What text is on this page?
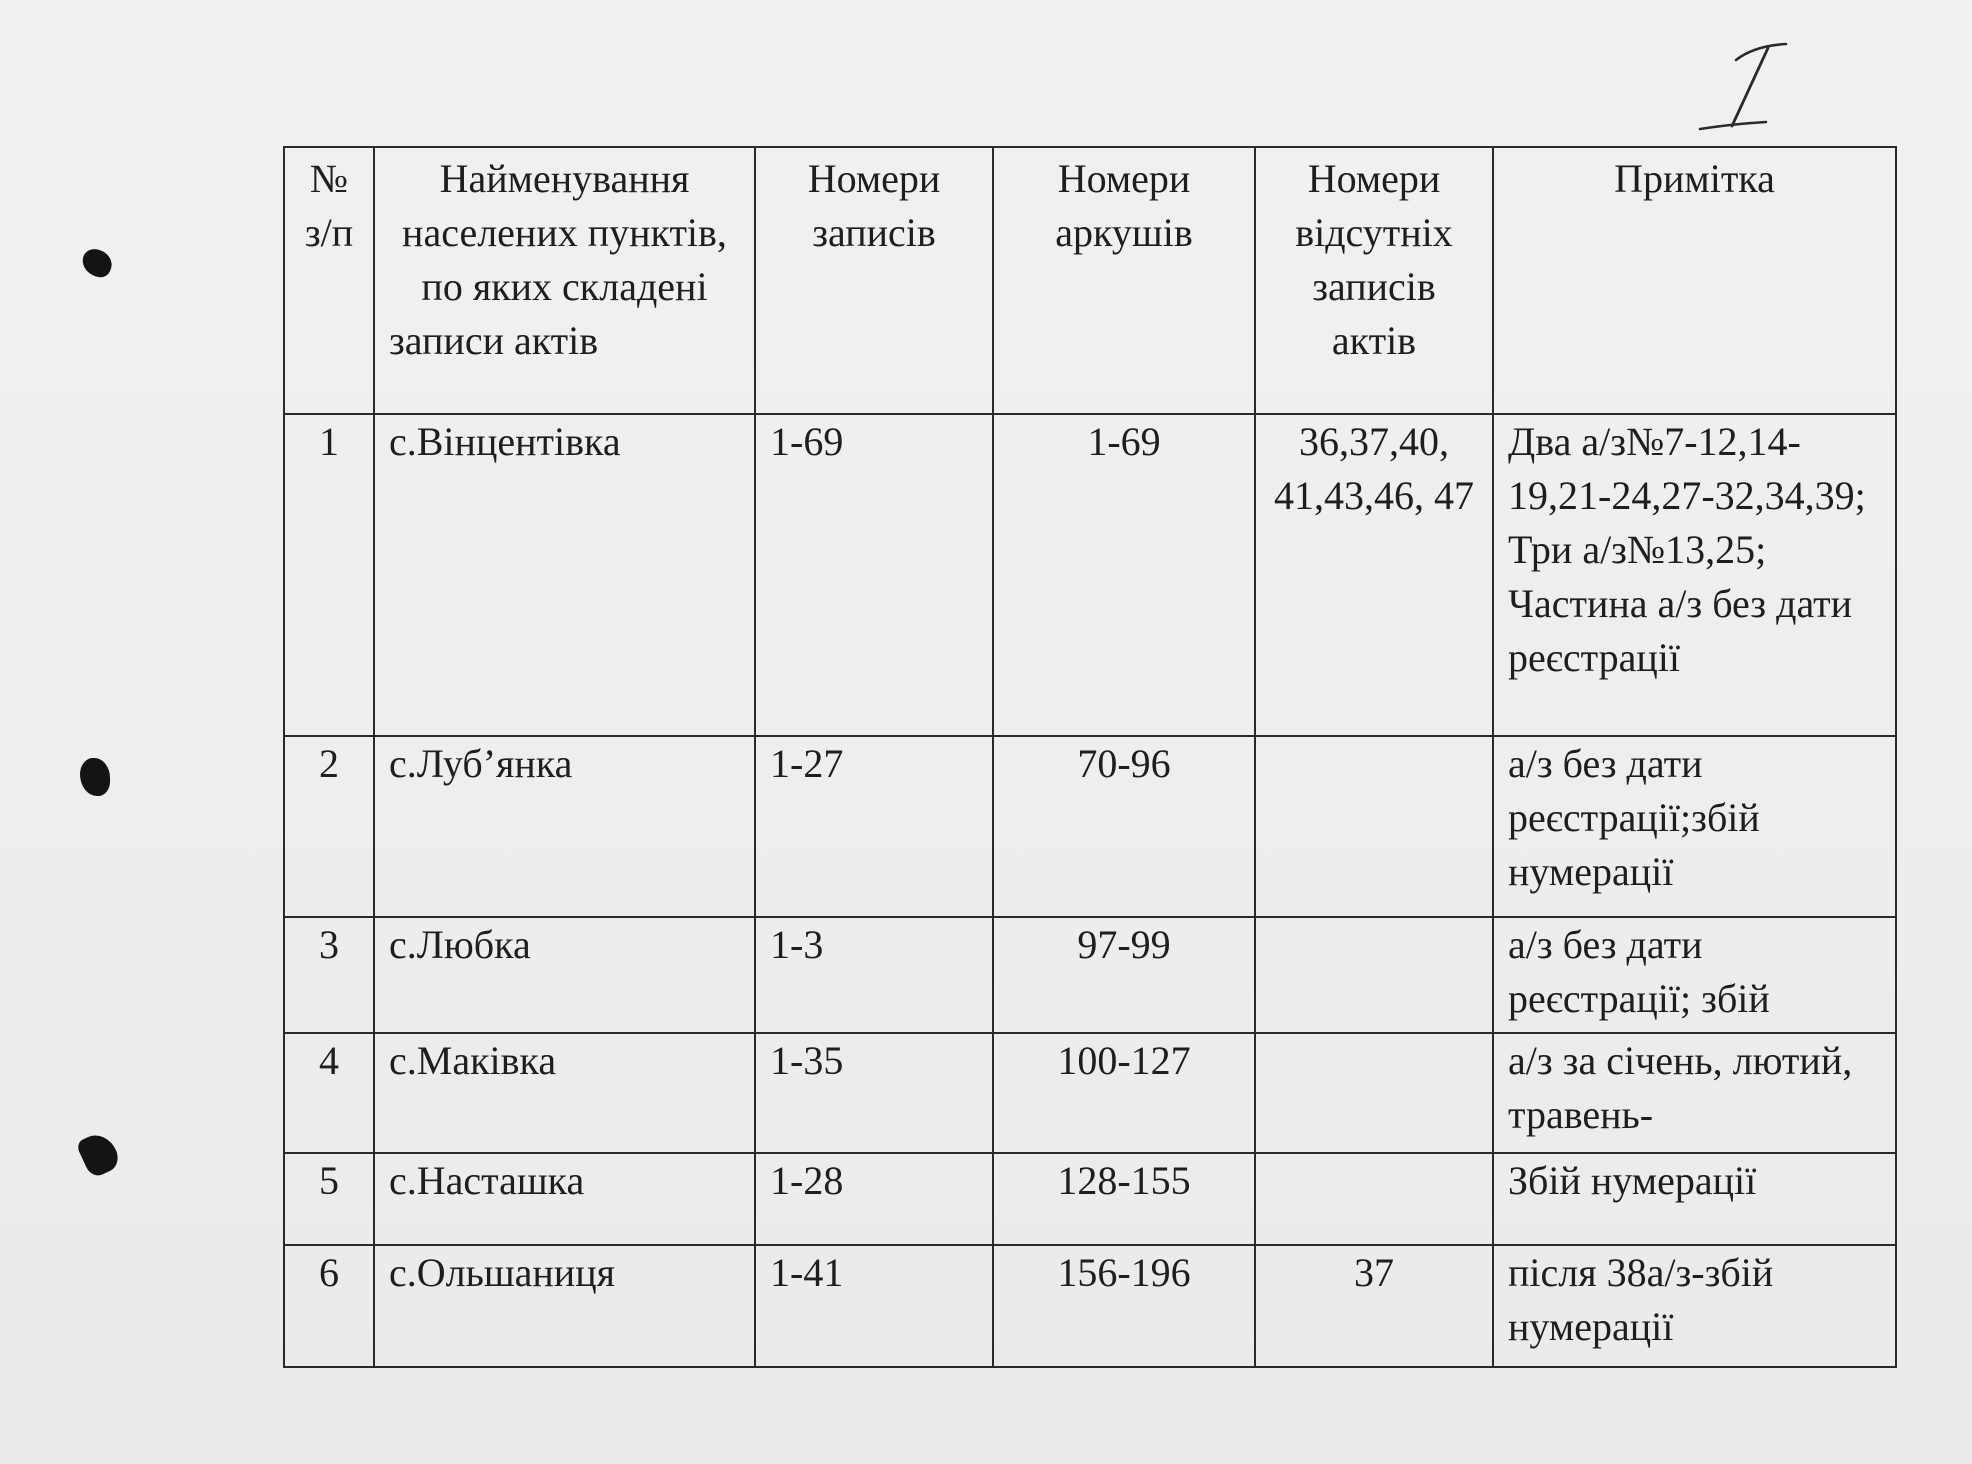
№ з/п	Найменування населених пунктів, по яких складені записи актів	Номери записів	Номери аркушів	Номери відсутніх записів актів	Примітка
1	с.Вінцентівка	1-69	1-69	36,37,40, 41,43,46, 47	Два а/з№7-12,14-19,21-24,27-32,34,39; Три а/з№13,25; Частина а/з без дати реєстрації
2	с.Луб’янка	1-27	70-96		а/з без дати реєстрації;збій нумерації
3	с.Любка	1-3	97-99		а/з без дати реєстрації; збій
4	с.Маківка	1-35	100-127		а/з за січень, лютий, травень-
5	с.Насташка	1-28	128-155		Збій нумерації
6	с.Ольшаниця	1-41	156-196	37	після 38а/з-збій нумерації
